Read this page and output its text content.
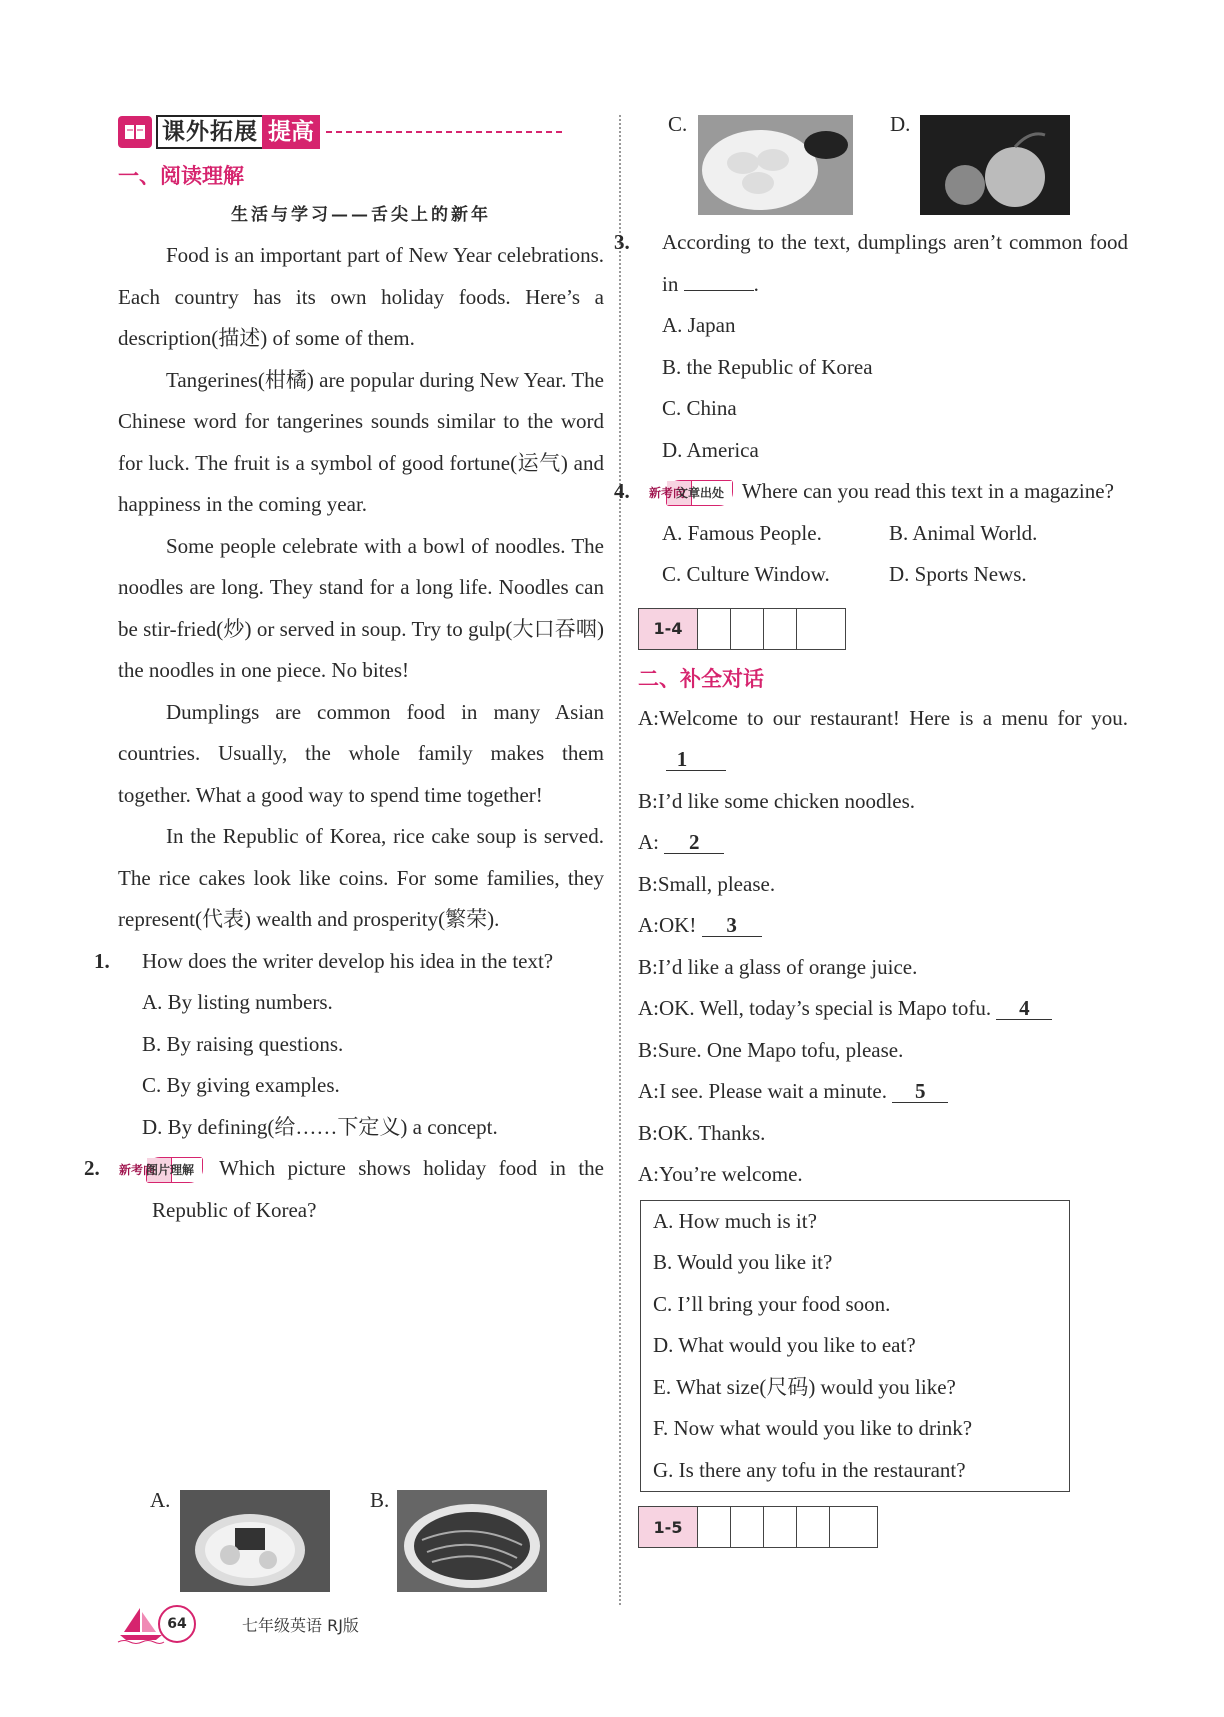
课外拓展 提高
一、阅读理解
生活与学习——舌尖上的新年

Food is an important part of New Year celebrations. Each country has its own holiday foods. Here’s a description(描述) of some of them.

Tangerines(柑橘) are popular during New Year. The Chinese word for tangerines sounds similar to the word for luck. The fruit is a symbol of good fortune(运气) and happiness in the coming year.

Some people celebrate with a bowl of noodles. The noodles are long. They stand for a long life. Noodles can be stir-fried(炒) or served in soup. Try to gulp(大口吞咽) the noodles in one piece. No bites!

Dumplings are common food in many Asian countries. Usually, the whole family makes them together. What a good way to spend time together!

In the Republic of Korea, rice cake soup is served. The rice cakes look like coins. For some families, they represent(代表) wealth and prosperity(繁荣).

1. How does the writer develop his idea in the text?
A. By listing numbers.
B. By raising questions.
C. By giving examples.
D. By defining(给……下定义) a concept.
2. 新考向
图片理解	Which picture shows holiday food in the Republic of Korea?
A.	B.
C.	D.
3. According to the text, dumplings aren’t common food in	.
A. Japan
B. the Republic of Korea
C. China
D. America
4. 新考向
文章出处 Where can you read this text in a magazine?
A. Famous People.	B. Animal World.
C. Culture Window.	D. Sports News.
1-4
二、补全对话
A:Welcome to our restaurant! Here is a menu for you. 1
B:I’d like some chicken noodles.
A: 2
B:Small, please.
A:OK! 3
B:I’d like a glass of orange juice.
A:OK. Well, today’s special is Mapo tofu. 4
B:Sure. One Mapo tofu, please.
A:I see. Please wait a minute. 5
B:OK. Thanks.
A:You’re welcome.
A. How much is it?
B. Would you like it?
C. I’ll bring your food soon.
D. What would you like to eat?
E. What size(尺码) would you like?
F. Now what would you like to drink?
G. Is there any tofu in the restaurant?
1-5
64	七年级英语 RJ版
